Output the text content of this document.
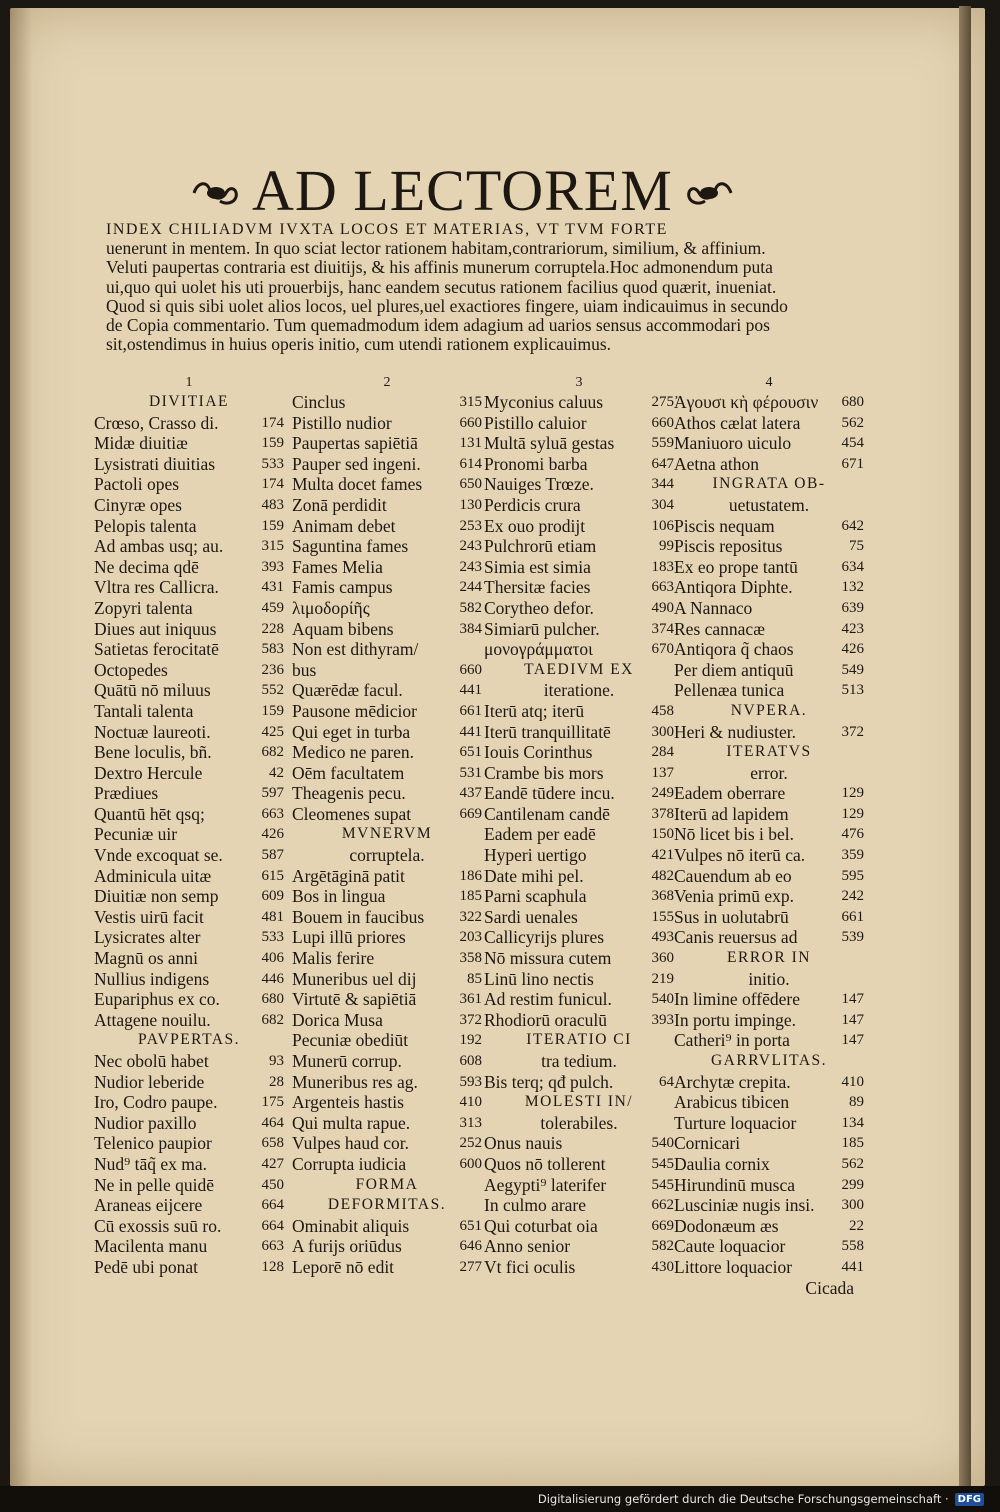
AD LECTOREM
INDEX CHILIADVM IVXTA LOCOS ET MATERIAS, VT TVM FORTE
uenerunt in mentem. In quo sciat lector rationem habitam,contrariorum, similium, & affinium.
Veluti paupertas contraria est diuitijs, & his affinis munerum corruptela.Hoc admonendum puta
ui,quo qui uolet his uti prouerbijs, hanc eandem secutus rationem facilius quod quærit, inueniat.
Quod si quis sibi uolet alios locos, uel plures,uel exactiores fingere, uiam indicauimus in secundo
de Copia commentario. Tum quemadmodum idem adagium ad uarios sensus accommodari pos
sit,ostendimus in huius operis initio, cum utendi rationem explicauimus.
1
DIVITIAE
Crœso, Crasso di.	174
Midæ diuitiæ	159
Lysistrati diuitias	533
Pactoli opes	174
Cinyræ opes	483
Pelopis talenta	159
Ad ambas usq; au.	315
Ne decima qdē	393
Vltra res Callicra.	431
Zopyri talenta	459
Diues aut iniquus	228
Satietas ferocitatē	583
Octopedes	236
Quātū nō miluus	552
Tantali talenta	159
Noctuæ laureoti.	425
Bene loculis, bñ.	682
Dextro Hercule	42
Prædiues	597
Quantū hēt qsq;	663
Pecuniæ uir	426
Vnde excoquat se.	587
Adminicula uitæ	615
Diuitiæ non semp	609
Vestis uirū facit	481
Lysicrates alter	533
Magnū os anni	406
Nullius indigens	446
Eupariphus ex co.	680
Attagene nouilu.	682
PAVPERTAS.
Nec obolū habet	93
Nudior leberide	28
Iro, Codro paupe.	175
Nudior paxillo	464
Telenico paupior	658
Nud⁹ tāq̃ ex ma.	427
Ne in pelle quidē	450
Araneas eijcere	664
Cū exossis suū ro.	664
Macilenta manu	663
Pedē ubi ponat	128
2
Cinclus	315
Pistillo nudior	660
Paupertas sapiētiā	131
Pauper sed ingeni.	614
Multa docet fames 650
Zonā perdidit	130
Animam debet	253
Saguntina fames	243
Fames Melia	243
Famis campus	244
λιμοδορίῆς	582
Aquam bibens	384
Non est dithyram/
bus	660
Quærēdæ facul.	441
Pausone mēdicior	661
Qui eget in turba	441
Medico ne paren.	651
Oēm facultatem	531
Theagenis pecu.	437
Cleomenes supat	669
MVNERVM
corruptela.
Argētāginā patit	186
Bos in lingua	185
Bouem in faucibus 322
Lupi illū priores	203
Malis ferire	358
Muneribus uel dij	85
Virtutē & sapiētiā	361
Dorica Musa	372
Pecuniæ obediūt	192
Munerū corrup.	608
Muneribus res ag.	593
Argenteis hastis	410
Qui multa rapue.	313
Vulpes haud cor.	252
Corrupta iudicia	600
FORMA
DEFORMITAS.
Ominabit aliquis	651
A furijs oriūdus	646
Leporē nō edit	277
3
Myconius caluus	275
Pistillo caluior	660
Multā syluā gestas 559
Pronomi barba	647
Nauiges Trœze.	344
Perdicis crura	304
Ex ouo prodijt	106
Pulchrorū etiam	99
Simia est simia	183
Thersitæ facies	663
Corytheo defor.	490
Simiarū pulcher.	374
μονογράμματοι	670
TAEDIVM EX
iteratione.
Iterū atq; iterū	458
Iterū tranquillitatē	300
Iouis Corinthus	284
Crambe bis mors	137
Eandē tūdere incu. 249
Cantilenam candē	378
Eadem per eadē	150
Hyperi uertigo	421
Date mihi pel.	482
Parni scaphula	368
Sardi uenales	155
Callicyrijs plures	493
Nō missura cutem	360
Linū lino nectis	219
Ad restim funicul.	540
Rhodiorū oraculū	393
ITERATIO CI
tra tedium.
Bis terq; qđ pulch.	64
MOLESTI IN/
tolerabiles.
Onus nauis	540
Quos nō tollerent	545
Aegypti⁹ laterifer	545
In culmo arare	662
Qui coturbat oia	669
Anno senior	582
Vt fici oculis	430
4
Ἀγουσι κὴ φέρουσιν 680
Athos cælat latera	562
Maniuoro uiculo	454
Aetna athon	671
INGRATA OB-
uetustatem.
Piscis nequam	642
Piscis repositus	75
Ex eo prope tantū	634
Antiqora Diphte.	132
A Nannaco	639
Res cannacæ	423
Antiqora q̃ chaos	426
Per diem antiquū	549
Pellenæa tunica	513
NVPERA.
Heri & nudiuster.	372
ITERATVS
error.
Eadem oberrare	129
Iterū ad lapidem	129
Nō licet bis i bel.	476
Vulpes nō iterū ca. 359
Cauendum ab eo	595
Venia primū exp.	242
Sus in uolutabrū	661
Canis reuersus ad	539
ERROR IN
initio.
In limine offēdere	147
In portu impinge.	147
Catheri⁹ in porta	147
GARRVLITAS.
Archytæ crepita.	410
Arabicus tibicen	89
Turture loquacior	134
Cornicari	185
Daulia cornix	562
Hirundinū musca	299
Lusciniæ nugis insi. 300
Dodonæum æs	22
Caute loquacior	558
Littore loquacior	441
Cicada
Digitalisierung gefördert durch die Deutsche Forschungsgemeinschaft · DFG
